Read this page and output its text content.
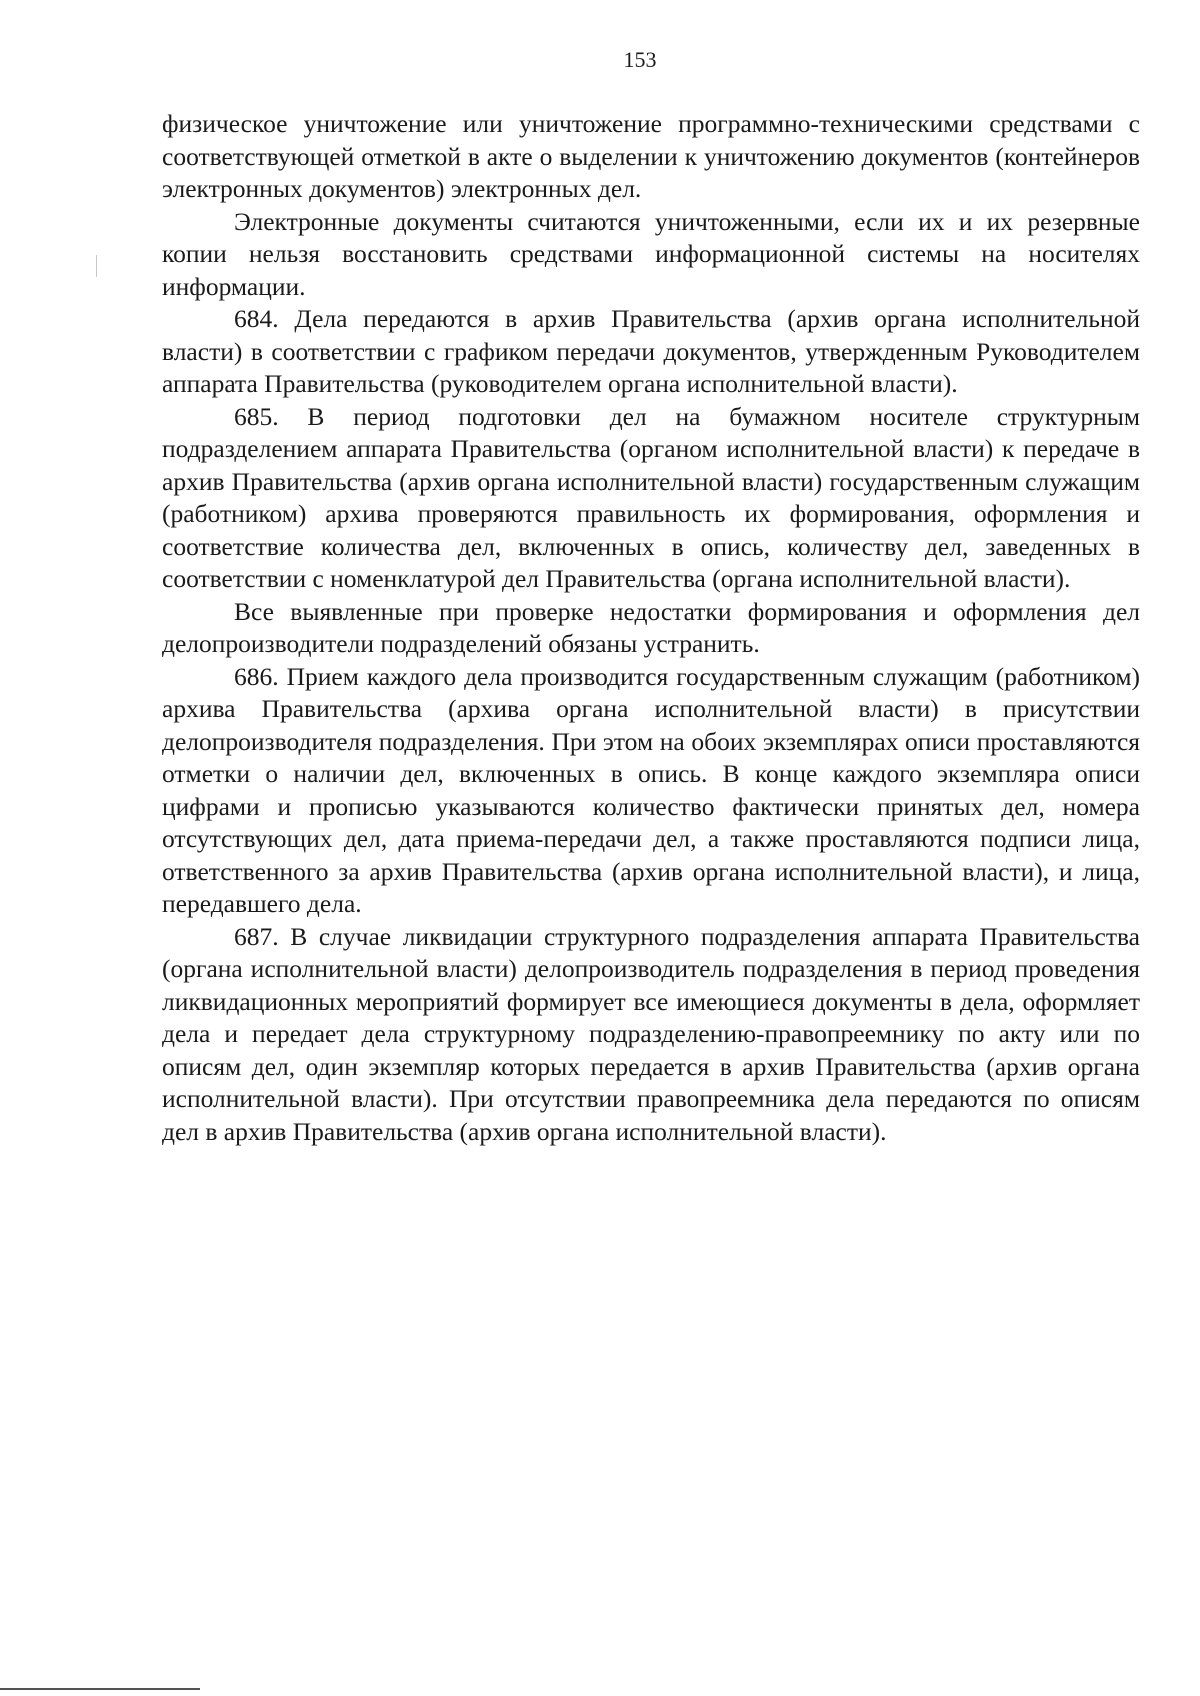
153

физическое уничтожение или уничтожение программно-техническими средствами с соответствующей отметкой в акте о выделении к уничтожению документов (контейнеров электронных документов) электронных дел.

Электронные документы считаются уничтоженными, если их и их резервные копии нельзя восстановить средствами информационной системы на носителях информации.

684. Дела передаются в архив Правительства (архив органа исполнительной власти) в соответствии с графиком передачи документов, утвержденным Руководителем аппарата Правительства (руководителем органа исполнительной власти).

685. В период подготовки дел на бумажном носителе структурным подразделением аппарата Правительства (органом исполнительной власти) к передаче в архив Правительства (архив органа исполнительной власти) государственным служащим (работником) архива проверяются правильность их формирования, оформления и соответствие количества дел, включенных в опись, количеству дел, заведенных в соответствии с номенклатурой дел Правительства (органа исполнительной власти).

Все выявленные при проверке недостатки формирования и оформления дел делопроизводители подразделений обязаны устранить.

686. Прием каждого дела производится государственным служащим (работником) архива Правительства (архива органа исполнительной власти) в присутствии делопроизводителя подразделения. При этом на обоих экземплярах описи проставляются отметки о наличии дел, включенных в опись. В конце каждого экземпляра описи цифрами и прописью указываются количество фактически принятых дел, номера отсутствующих дел, дата приема-передачи дел, а также проставляются подписи лица, ответственного за архив Правительства (архив органа исполнительной власти), и лица, передавшего дела.

687. В случае ликвидации структурного подразделения аппарата Правительства (органа исполнительной власти) делопроизводитель подразделения в период проведения ликвидационных мероприятий формирует все имеющиеся документы в дела, оформляет дела и передает дела структурному подразделению-правопреемнику по акту или по описям дел, один экземпляр которых передается в архив Правительства (архив органа исполнительной власти). При отсутствии правопреемника дела передаются по описям дел в архив Правительства (архив органа исполнительной власти).
